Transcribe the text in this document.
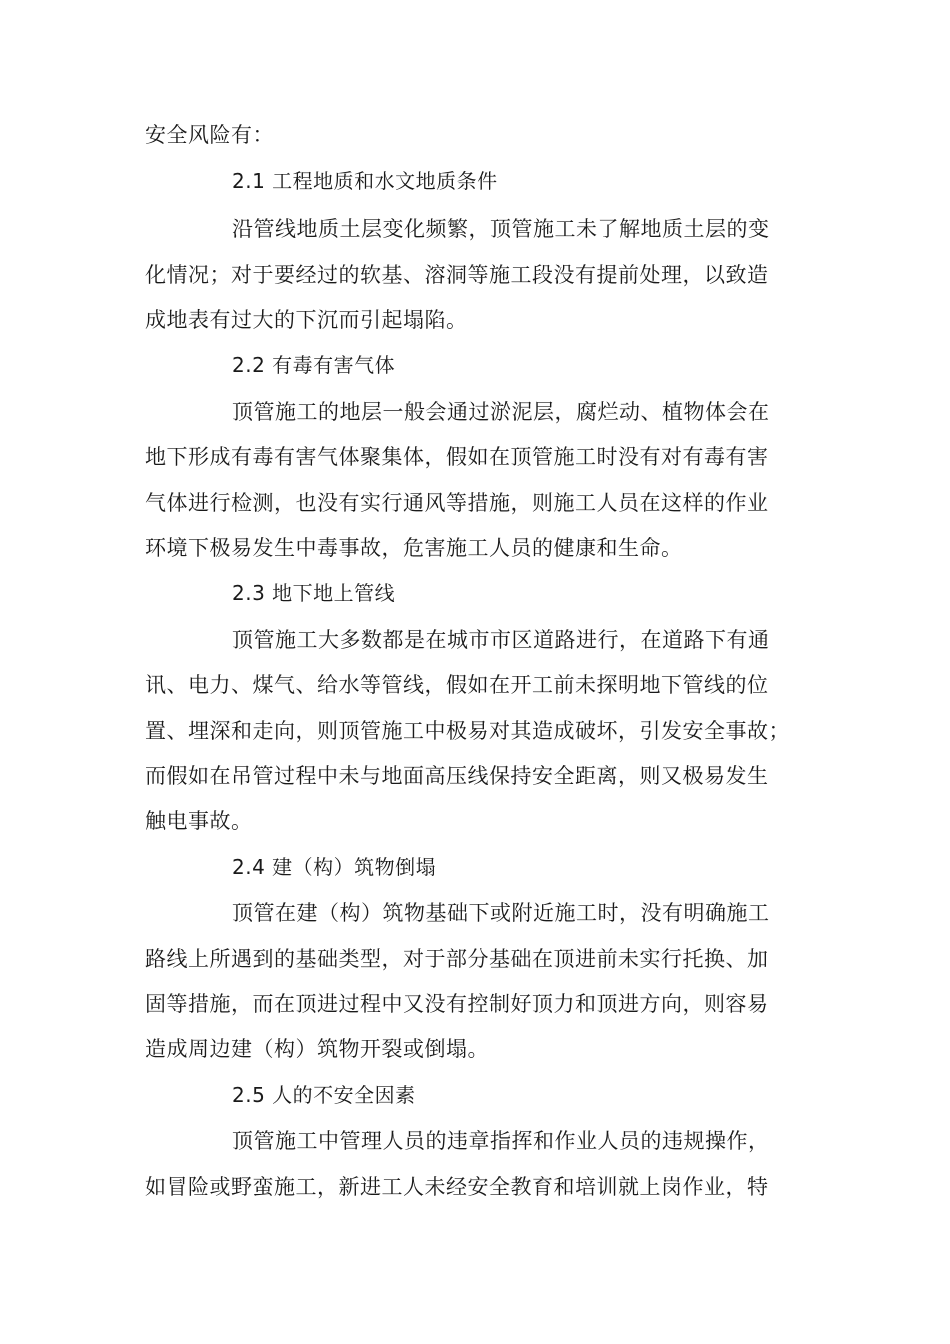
安全风险有：
2.1 工程地质和水文地质条件
沿管线地质土层变化频繁，顶管施工未了解地质土层的变
化情况；对于要经过的软基、溶洞等施工段没有提前处理，以致造
成地表有过大的下沉而引起塌陷。
2.2 有毒有害气体
顶管施工的地层一般会通过淤泥层，腐烂动、植物体会在
地下形成有毒有害气体聚集体，假如在顶管施工时没有对有毒有害
气体进行检测，也没有实行通风等措施，则施工人员在这样的作业
环境下极易发生中毒事故，危害施工人员的健康和生命。
2.3 地下地上管线
顶管施工大多数都是在城市市区道路进行，在道路下有通
讯、电力、煤气、给水等管线，假如在开工前未探明地下管线的位
置、埋深和走向，则顶管施工中极易对其造成破坏，引发安全事故；
而假如在吊管过程中未与地面高压线保持安全距离，则又极易发生
触电事故。
2.4 建（构）筑物倒塌
顶管在建（构）筑物基础下或附近施工时，没有明确施工
路线上所遇到的基础类型，对于部分基础在顶进前未实行托换、加
固等措施，而在顶进过程中又没有控制好顶力和顶进方向，则容易
造成周边建（构）筑物开裂或倒塌。
2.5 人的不安全因素
顶管施工中管理人员的违章指挥和作业人员的违规操作，
如冒险或野蛮施工，新进工人未经安全教育和培训就上岗作业，特
